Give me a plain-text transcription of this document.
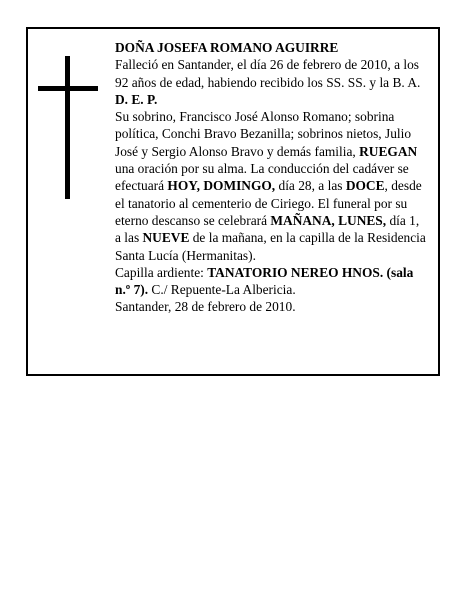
DOÑA JOSEFA ROMANO AGUIRRE

Falleció en Santander, el día 26 de febrero de 2010, a los 92 años de edad, habiendo recibido los SS. SS. y la B. A.

D. E. P.

Su sobrino, Francisco José Alonso Romano; sobrina política, Conchi Bravo Bezanilla; sobrinos nietos, Julio José y Sergio Alonso Bravo y demás familia, RUEGAN una oración por su alma. La conducción del cadáver se efectuará HOY, DOMINGO, día 28, a las DOCE, desde el tanatorio al cementerio de Ciriego. El funeral por su eterno descanso se celebrará MAÑANA, LUNES, día 1, a las NUEVE de la mañana, en la capilla de la Residencia Santa Lucía (Hermanitas).

Capilla ardiente: TANATORIO NEREO HNOS. (sala n.º 7). C./ Repuente-La Albericia.

Santander, 28 de febrero de 2010.
